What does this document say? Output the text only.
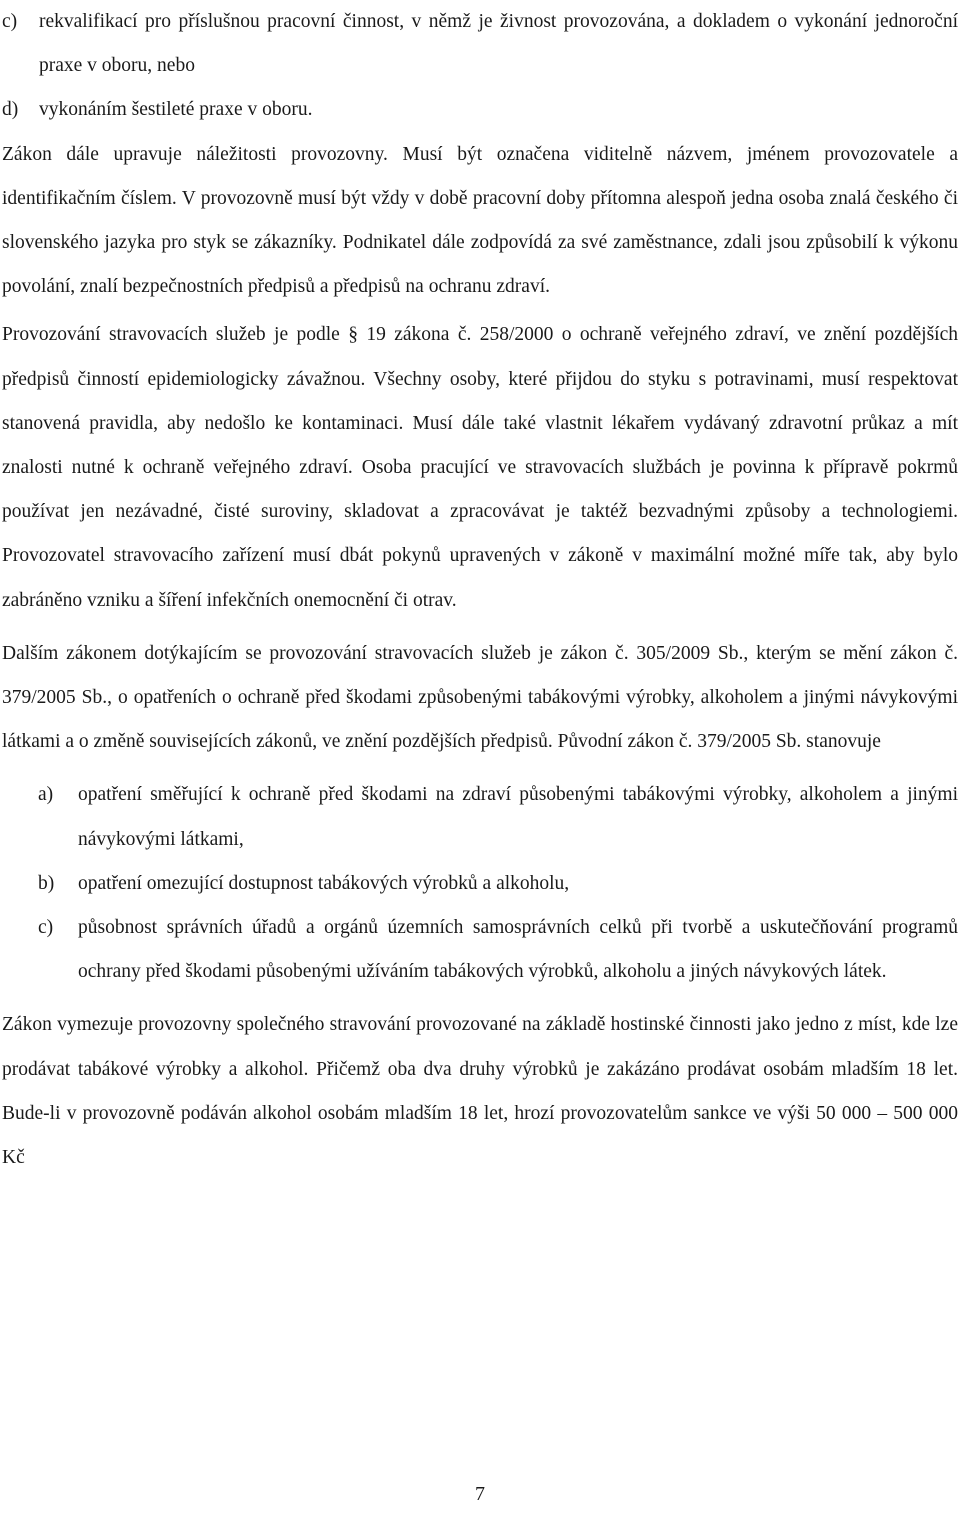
c)	rekvalifikací pro příslušnou pracovní činnost, v němž je živnost provozována, a dokladem o vykonání jednoroční praxe v oboru, nebo
d)	vykonáním šestileté praxe v oboru.

Zákon dále upravuje náležitosti provozovny. Musí být označena viditelně názvem, jménem provozovatele a identifikačním číslem. V provozovně musí být vždy v době pracovní doby přítomna alespoň jedna osoba znalá českého či slovenského jazyka pro styk se zákazníky. Podnikatel dále zodpovídá za své zaměstnance, zdali jsou způsobilí k výkonu povolání, znalí bezpečnostních předpisů a předpisů na ochranu zdraví.

Provozování stravovacích služeb je podle § 19 zákona č. 258/2000 o ochraně veřejného zdraví, ve znění pozdějších předpisů činností epidemiologicky závažnou. Všechny osoby, které přijdou do styku s potravinami, musí respektovat stanovená pravidla, aby nedošlo ke kontaminaci. Musí dále také vlastnit lékařem vydávaný zdravotní průkaz a mít znalosti nutné k ochraně veřejného zdraví. Osoba pracující ve stravovacích službách je povinna k přípravě pokrmů používat jen nezávadné, čisté suroviny, skladovat a zpracovávat je taktéž bezvadnými způsoby a technologiemi. Provozovatel stravovacího zařízení musí dbát pokynů upravených v zákoně v maximální možné míře tak, aby bylo zabráněno vzniku a šíření infekčních onemocnění či otrav.

Dalším zákonem dotýkajícím se provozování stravovacích služeb je zákon č. 305/2009 Sb., kterým se mění zákon č. 379/2005 Sb., o opatřeních o ochraně před škodami způsobenými tabákovými výrobky, alkoholem a jinými návykovými látkami a o změně souvisejících zákonů, ve znění pozdějších předpisů. Původní zákon č. 379/2005 Sb. stanovuje

a)	opatření směřující k ochraně před škodami na zdraví působenými tabákovými výrobky, alkoholem a jinými návykovými látkami,
b)	opatření omezující dostupnost tabákových výrobků a alkoholu,
c)	působnost správních úřadů a orgánů územních samosprávních celků při tvorbě a uskutečňování programů ochrany před škodami působenými užíváním tabákových výrobků, alkoholu a jiných návykových látek.

Zákon vymezuje provozovny společného stravování provozované na základě hostinské činnosti jako jedno z míst, kde lze prodávat tabákové výrobky a alkohol. Přičemž oba dva druhy výrobků je zakázáno prodávat osobám mladším 18 let. Bude-li v provozovně podáván alkohol osobám mladším 18 let, hrozí provozovatelům sankce ve výši 50 000 – 500 000 Kč

7
